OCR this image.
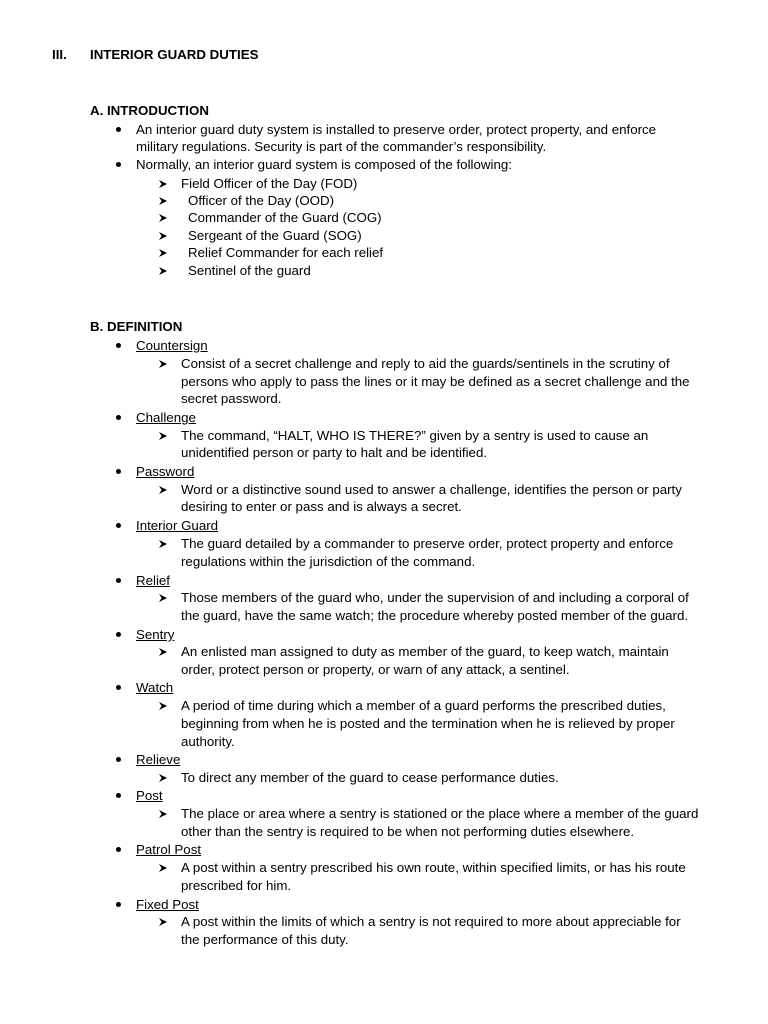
III. INTERIOR GUARD DUTIES
A. INTRODUCTION
An interior guard duty system is installed to preserve order, protect property, and enforce
military regulations. Security is part of the commander’s responsibility.
Normally, an interior guard system is composed of the following:
Field Officer of the Day (FOD)
Officer of the Day (OOD)
Commander of the Guard (COG)
Sergeant of the Guard (SOG)
Relief Commander for each relief
Sentinel of the guard
B. DEFINITION
Countersign
Consist of a secret challenge and reply to aid the guards/sentinels in the scrutiny of
persons who apply to pass the lines or it may be defined as a secret challenge and the
secret password.
Challenge
The command, “HALT, WHO IS THERE?” given by a sentry is used to cause an
unidentified person or party to halt and be identified.
Password
Word or a distinctive sound used to answer a challenge, identifies the person or party
desiring to enter or pass and is always a secret.
Interior Guard
The guard detailed by a commander to preserve order, protect property and enforce
regulations within the jurisdiction of the command.
Relief
Those members of the guard who, under the supervision of and including a corporal of
the guard, have the same watch; the procedure whereby posted member of the guard.
Sentry
An enlisted man assigned to duty as member of the guard, to keep watch, maintain
order, protect person or property, or warn of any attack, a sentinel.
Watch
A period of time during which a member of a guard performs the prescribed duties,
beginning from when he is posted and the termination when he is relieved by proper
authority.
Relieve
To direct any member of the guard to cease performance duties.
Post
The place or area where a sentry is stationed or the place where a member of the guard
other than the sentry is required to be when not performing duties elsewhere.
Patrol Post
A post within a sentry prescribed his own route, within specified limits, or has his route
prescribed for him.
Fixed Post
A post within the limits of which a sentry is not required to more about appreciable for
the performance of this duty.
